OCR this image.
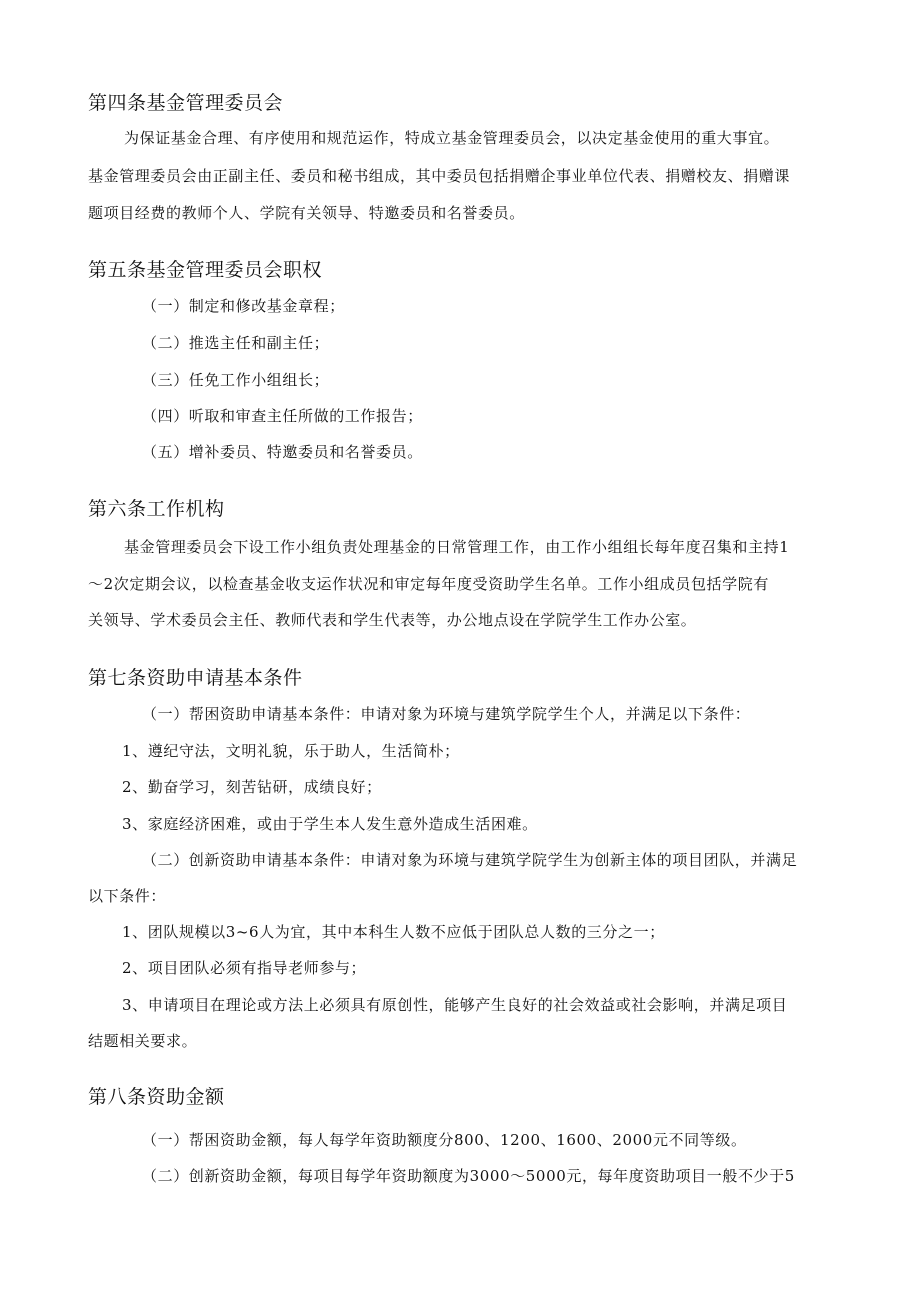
第四条基金管理委员会
为保证基金合理、有序使用和规范运作，特成立基金管理委员会，以决定基金使用的重大事宜。
基金管理委员会由正副主任、委员和秘书组成，其中委员包括捐赠企事业单位代表、捐赠校友、捐赠课
题项目经费的教师个人、学院有关领导、特邀委员和名誉委员。
第五条基金管理委员会职权
（一）制定和修改基金章程；
（二）推选主任和副主任；
（三）任免工作小组组长；
（四）听取和审查主任所做的工作报告；
（五）增补委员、特邀委员和名誉委员。
第六条工作机构
基金管理委员会下设工作小组负责处理基金的日常管理工作，由工作小组组长每年度召集和主持1
～2次定期会议，以检查基金收支运作状况和审定每年度受资助学生名单。工作小组成员包括学院有
关领导、学术委员会主任、教师代表和学生代表等，办公地点设在学院学生工作办公室。
第七条资助申请基本条件
（一）帮困资助申请基本条件：申请对象为环境与建筑学院学生个人，并满足以下条件：
1、遵纪守法，文明礼貌，乐于助人，生活简朴；
2、勤奋学习，刻苦钻研，成绩良好；
3、家庭经济困难，或由于学生本人发生意外造成生活困难。
（二）创新资助申请基本条件：申请对象为环境与建筑学院学生为创新主体的项目团队，并满足
以下条件：
1、团队规模以3~6人为宜，其中本科生人数不应低于团队总人数的三分之一；
2、项目团队必须有指导老师参与；
3、申请项目在理论或方法上必须具有原创性，能够产生良好的社会效益或社会影响，并满足项目
结题相关要求。
第八条资助金额
（一）帮困资助金额，每人每学年资助额度分800、1200、1600、2000元不同等级。
（二）创新资助金额，每项目每学年资助额度为3000～5000元，每年度资助项目一般不少于5
